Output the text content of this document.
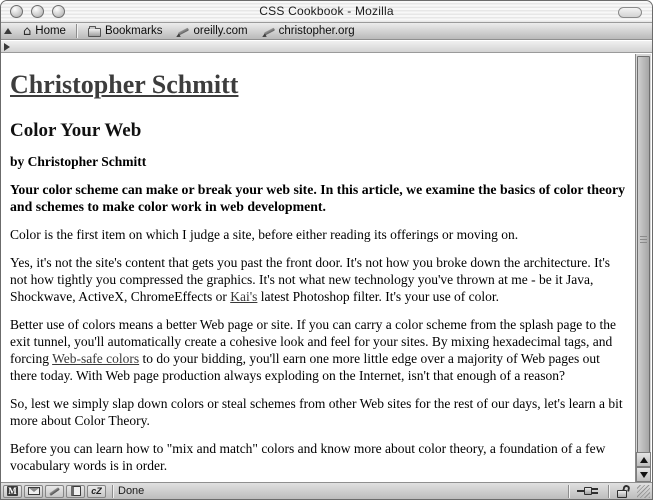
CSS Cookbook - Mozilla
⌂ Home	Bookmarks	oreilly.com	christopher.org
Christopher Schmitt
Color Your Web

by Christopher Schmitt

Your color scheme can make or break your web site. In this article, we examine the basics of color theory and schemes to make color work in web development.

Color is the first item on which I judge a site, before either reading its offerings or moving on.

Yes, it's not the site's content that gets you past the front door. It's not how you broke down the architecture. It's not how tightly you compressed the graphics. It's not what new technology you've thrown at me - be it Java, Shockwave, ActiveX, ChromeEffects or Kai's latest Photoshop filter. It's your use of color.

Better use of colors means a better Web page or site. If you can carry a color scheme from the splash page to the exit tunnel, you'll automatically create a cohesive look and feel for your sites. By mixing hexadecimal tags, and forcing Web-safe colors to do your bidding, you'll earn one more little edge over a majority of Web pages out there today. With Web page production always exploding on the Internet, isn't that enough of a reason?

So, lest we simply slap down colors or steal schemes from other Web sites for the rest of our days, let's learn a bit more about Color Theory.

Before you can learn how to "mix and match" colors and know more about color theory, a foundation of a few vocabulary words is in order.

M	cZ Done
